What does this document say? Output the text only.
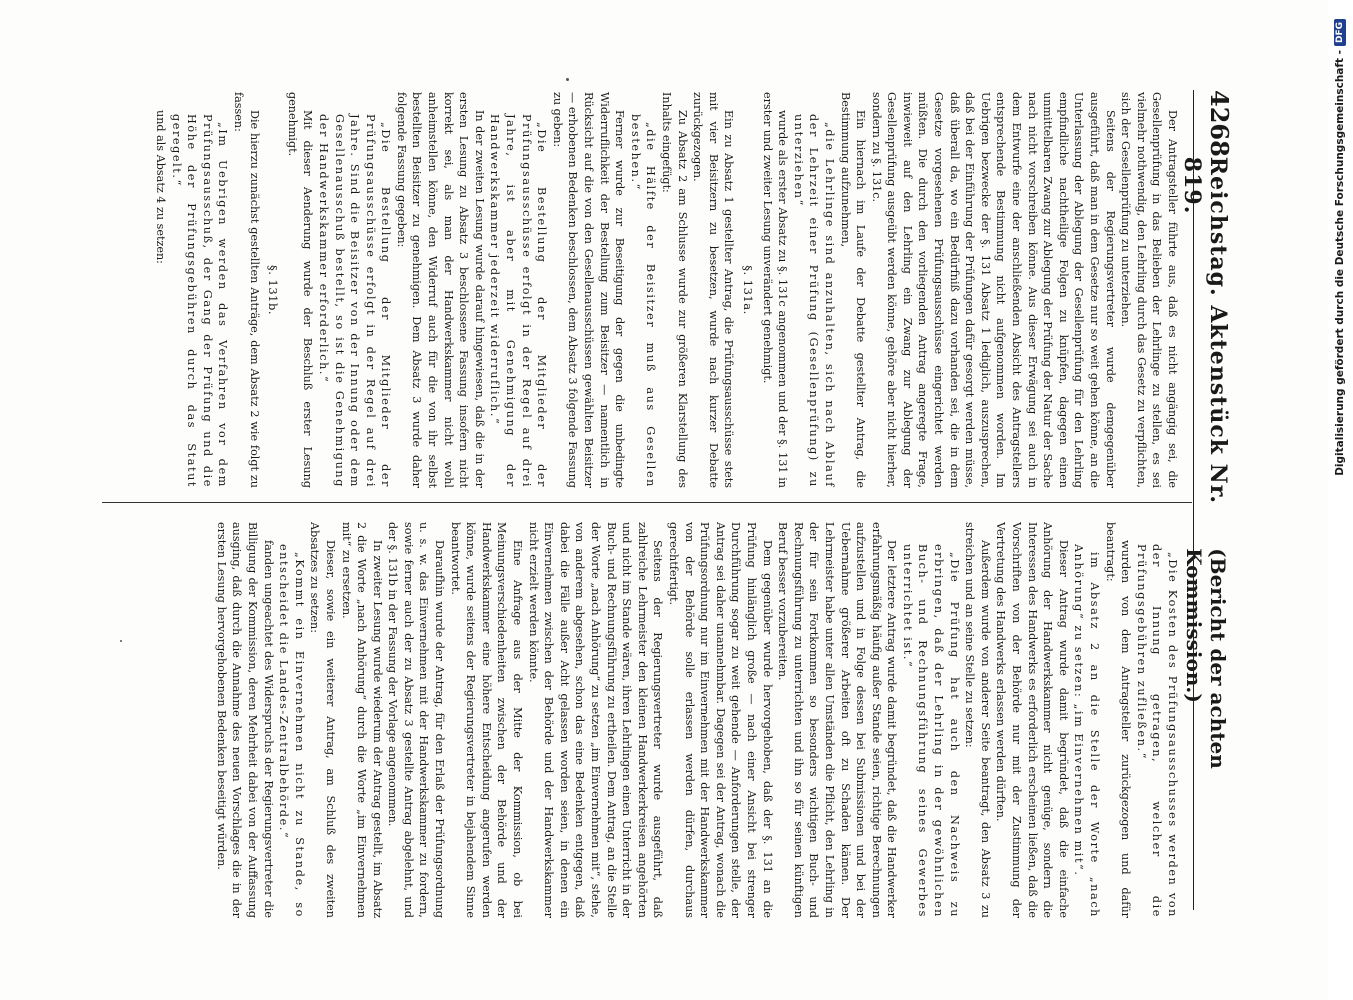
4268
Reichstag. Aktenstück Nr. 819.
(Bericht der achten Kommission.)

Der Antragsteller führte aus, daß es nicht angängig sei, die Gesellenprüfung in das Belieben der Lehrlinge zu stellen, es sei vielmehr nothwendig, den Lehrling durch das Gesetz zu verpflichten, sich der Gesellenprüfung zu unterziehen.

Seitens der Regierungsvertreter wurde demgegenüber ausgeführt, daß man in dem Gesetze nur so weit gehen könne, an die Unterlassung der Ablegung der Gesellenprüfung für den Lehrling empfindliche nachtheilige Folgen zu knüpfen, dagegen einen unmittelbaren Zwang zur Ablegung der Prüfung der Natur der Sache nach nicht vorschreiben könne. Aus dieser Erwägung sei auch in dem Entwurfe eine der anschließenden Absicht des Antragstellers entsprechende Bestimmung nicht aufgenommen worden. Im Uebrigen bezwecke der §. 131 Absatz 1 lediglich, auszusprechen, daß bei der Einführung der Prüfungen dafür gesorgt werden müsse, daß überall da, wo ein Bedürfniß dazu vorhanden sei, die in dem Gesetze vorgesehenen Prüfungsausschüsse eingerichtet werden müßten. Die durch den vorliegenden Antrag angeregte Frage, inwieweit auf den Lehrling ein Zwang zur Ablegung der Gesellenprüfung ausgeübt werden könne, gehöre aber nicht hierher, sondern zu §. 131c.

Ein hiernach im Laufe der Debatte gestellter Antrag, die Bestimmung aufzunehmen,

„die Lehrlinge sind anzuhalten, sich nach Ablauf der Lehrzeit einer Prüfung (Gesellenprüfung) zu unterziehen“

wurde als erster Absatz zu §. 131c angenommen und der §. 131 in erster und zweiter Lesung unverändert genehmigt.

§. 131a.

Ein zu Absatz 1 gestellter Antrag, die Prüfungsausschüsse stets mit vier Beisitzern zu besetzen, wurde nach kurzer Debatte zurückgezogen.

Zu Absatz 2 am Schlusse wurde zur größeren Klarstellung des Inhalts eingefügt:

„die Hälfte der Beisitzer muß aus Gesellen bestehen.“

Ferner wurde zur Beseitigung der gegen die unbedingte Widerruflichkeit der Bestellung zum Beisitzer — namentlich in Rücksicht auf die von den Gesellenausschüssen gewählten Beisitzer — erhobenen Bedenken beschlossen, dem Absatz 3 folgende Fassung zu geben:

„Die Bestellung der Mitglieder der Prüfungsausschüsse erfolgt in der Regel auf drei Jahre, ist aber mit Genehmigung der Handwerkskammer jederzeit widerruflich.“

In der zweiten Lesung wurde darauf hingewiesen, daß die in der ersten Lesung zu Absatz 3 beschlossene Fassung insofern nicht korrekt sei, als man der Handwerkskammer nicht wohl anheimstellen könne, den Widerruf auch für die von ihr selbst bestellten Beisitzer zu genehmigen. Dem Absatz 3 wurde daher folgende Fassung gegeben:

„Die Bestellung der Mitglieder der Prüfungsausschüsse erfolgt in der Regel auf drei Jahre. Sind die Beisitzer von der Innung oder dem Gesellenausschuß bestellt, so ist die Genehmigung der Handwerkskammer erforderlich.“

Mit dieser Aenderung wurde der Beschluß erster Lesung genehmigt.

§. 131b.

Die hierzu zunächst gestellten Anträge, dem Absatz 2 wie folgt zu fassen:

„Im Uebrigen werden das Verfahren vor dem Prüfungsausschuß, der Gang der Prüfung und die Höhe der Prüfungsgebühren durch das Statut geregelt.“

und als Absatz 4 zu setzen:

„Die Kosten des Prüfungsausschusses werden von der Innung getragen, welcher die Prüfungsgebühren zufließen.“

wurden von dem Antragsteller zurückgezogen und dafür beantragt:

im Absatz 2 an die Stelle der Worte „nach Anhörung“ zu setzen: „im Einvernehmen mit“.

Dieser Antrag wurde damit begründet, daß die einfache Anhörung der Handwerkskammer nicht genüge, sondern die Interessen des Handwerks es erforderlich erscheinen ließen, daß die Vorschriften von der Behörde nur mit der Zustimmung der Vertretung des Handwerks erlassen werden dürften.

Außerdem wurde von anderer Seite beantragt, den Absatz 3 zu streichen und an seine Stelle zu setzen:

„Die Prüfung hat auch den Nachweis zu erbringen, daß der Lehrling in der gewöhnlichen Buch- und Rechnungsführung seines Gewerbes unterrichtet ist.“

Der letztere Antrag wurde damit begründet, daß die Handwerker erfahrungsmäßig häufig außer Stande seien, richtige Berechnungen aufzustellen und in Folge dessen bei Submissionen und bei der Uebernahme größerer Arbeiten oft zu Schaden kämen. Der Lehrmeister habe unter allen Umständen die Pflicht, den Lehrling in der für sein Fortkommen so besonders wichtigen Buch- und Rechnungsführung zu unterrichten und ihn so für seinen künftigen Beruf besser vorzubereiten.

Dem gegenüber wurde hervorgehoben, daß der §. 131 an die Prüfung hinlänglich große — nach einer Ansicht bei strenger Durchführung sogar zu weit gehende — Anforderungen stelle, der Antrag sei daher unannehmbar. Dagegen sei der Antrag, wonach die Prüfungsordnung nur im Einvernehmen mit der Handwerkskammer von der Behörde solle erlassen werden dürfen, durchaus gerechtfertigt.

Seitens der Regierungsvertreter wurde ausgeführt, daß zahlreiche Lehrmeister den kleinen Handwerkerkreisen angehörten und nicht im Stande wären, ihren Lehrlingen einen Unterricht in der Buch- und Rechnungsführung zu ertheilen. Dem Antrag, an die Stelle der Worte „nach Anhörung“ zu setzen „im Einvernehmen mit“, stehe, von anderem abgesehen, schon das eine Bedenken entgegen, daß dabei die Fälle außer Acht gelassen worden seien, in denen ein Einvernehmen zwischen der Behörde und der Handwerkskammer nicht erzielt werden könnte.

Eine Anfrage aus der Mitte der Kommission, ob bei Meinungsverschiedenheiten zwischen der Behörde und der Handwerkskammer eine höhere Entscheidung angerufen werden könne, wurde seitens der Regierungsvertreter in bejahendem Sinne beantwortet.

Daraufhin wurde der Antrag, für den Erlaß der Prüfungsordnung u. s. w. das Einvernehmen mit der Handwerkskammer zu fordern, sowie ferner auch der zu Absatz 3 gestellte Antrag abgelehnt, und der §. 131b in der Fassung der Vorlage angenommen.

In zweiter Lesung wurde wiederum der Antrag gestellt, im Absatz 2 die Worte „nach Anhörung“ durch die Worte „im Einvernehmen mit“ zu ersetzen.

Dieser, sowie ein weiterer Antrag, am Schluß des zweiten Absatzes zu setzen:

„Kommt ein Einvernehmen nicht zu Stande, so entscheidet die Landes-Zentralbehörde.“

fanden ungeachtet des Widerspruchs der Regierungsvertreter die Billigung der Kommission, deren Mehrheit dabei von der Auffassung ausging, daß durch die Annahme des neuen Vorschlages die in der ersten Lesung hervorgehobenen Bedenken beseitigt würden.

Digitalisierung gefördert durch die Deutsche Forschungsgemeinschaft -
DFG
